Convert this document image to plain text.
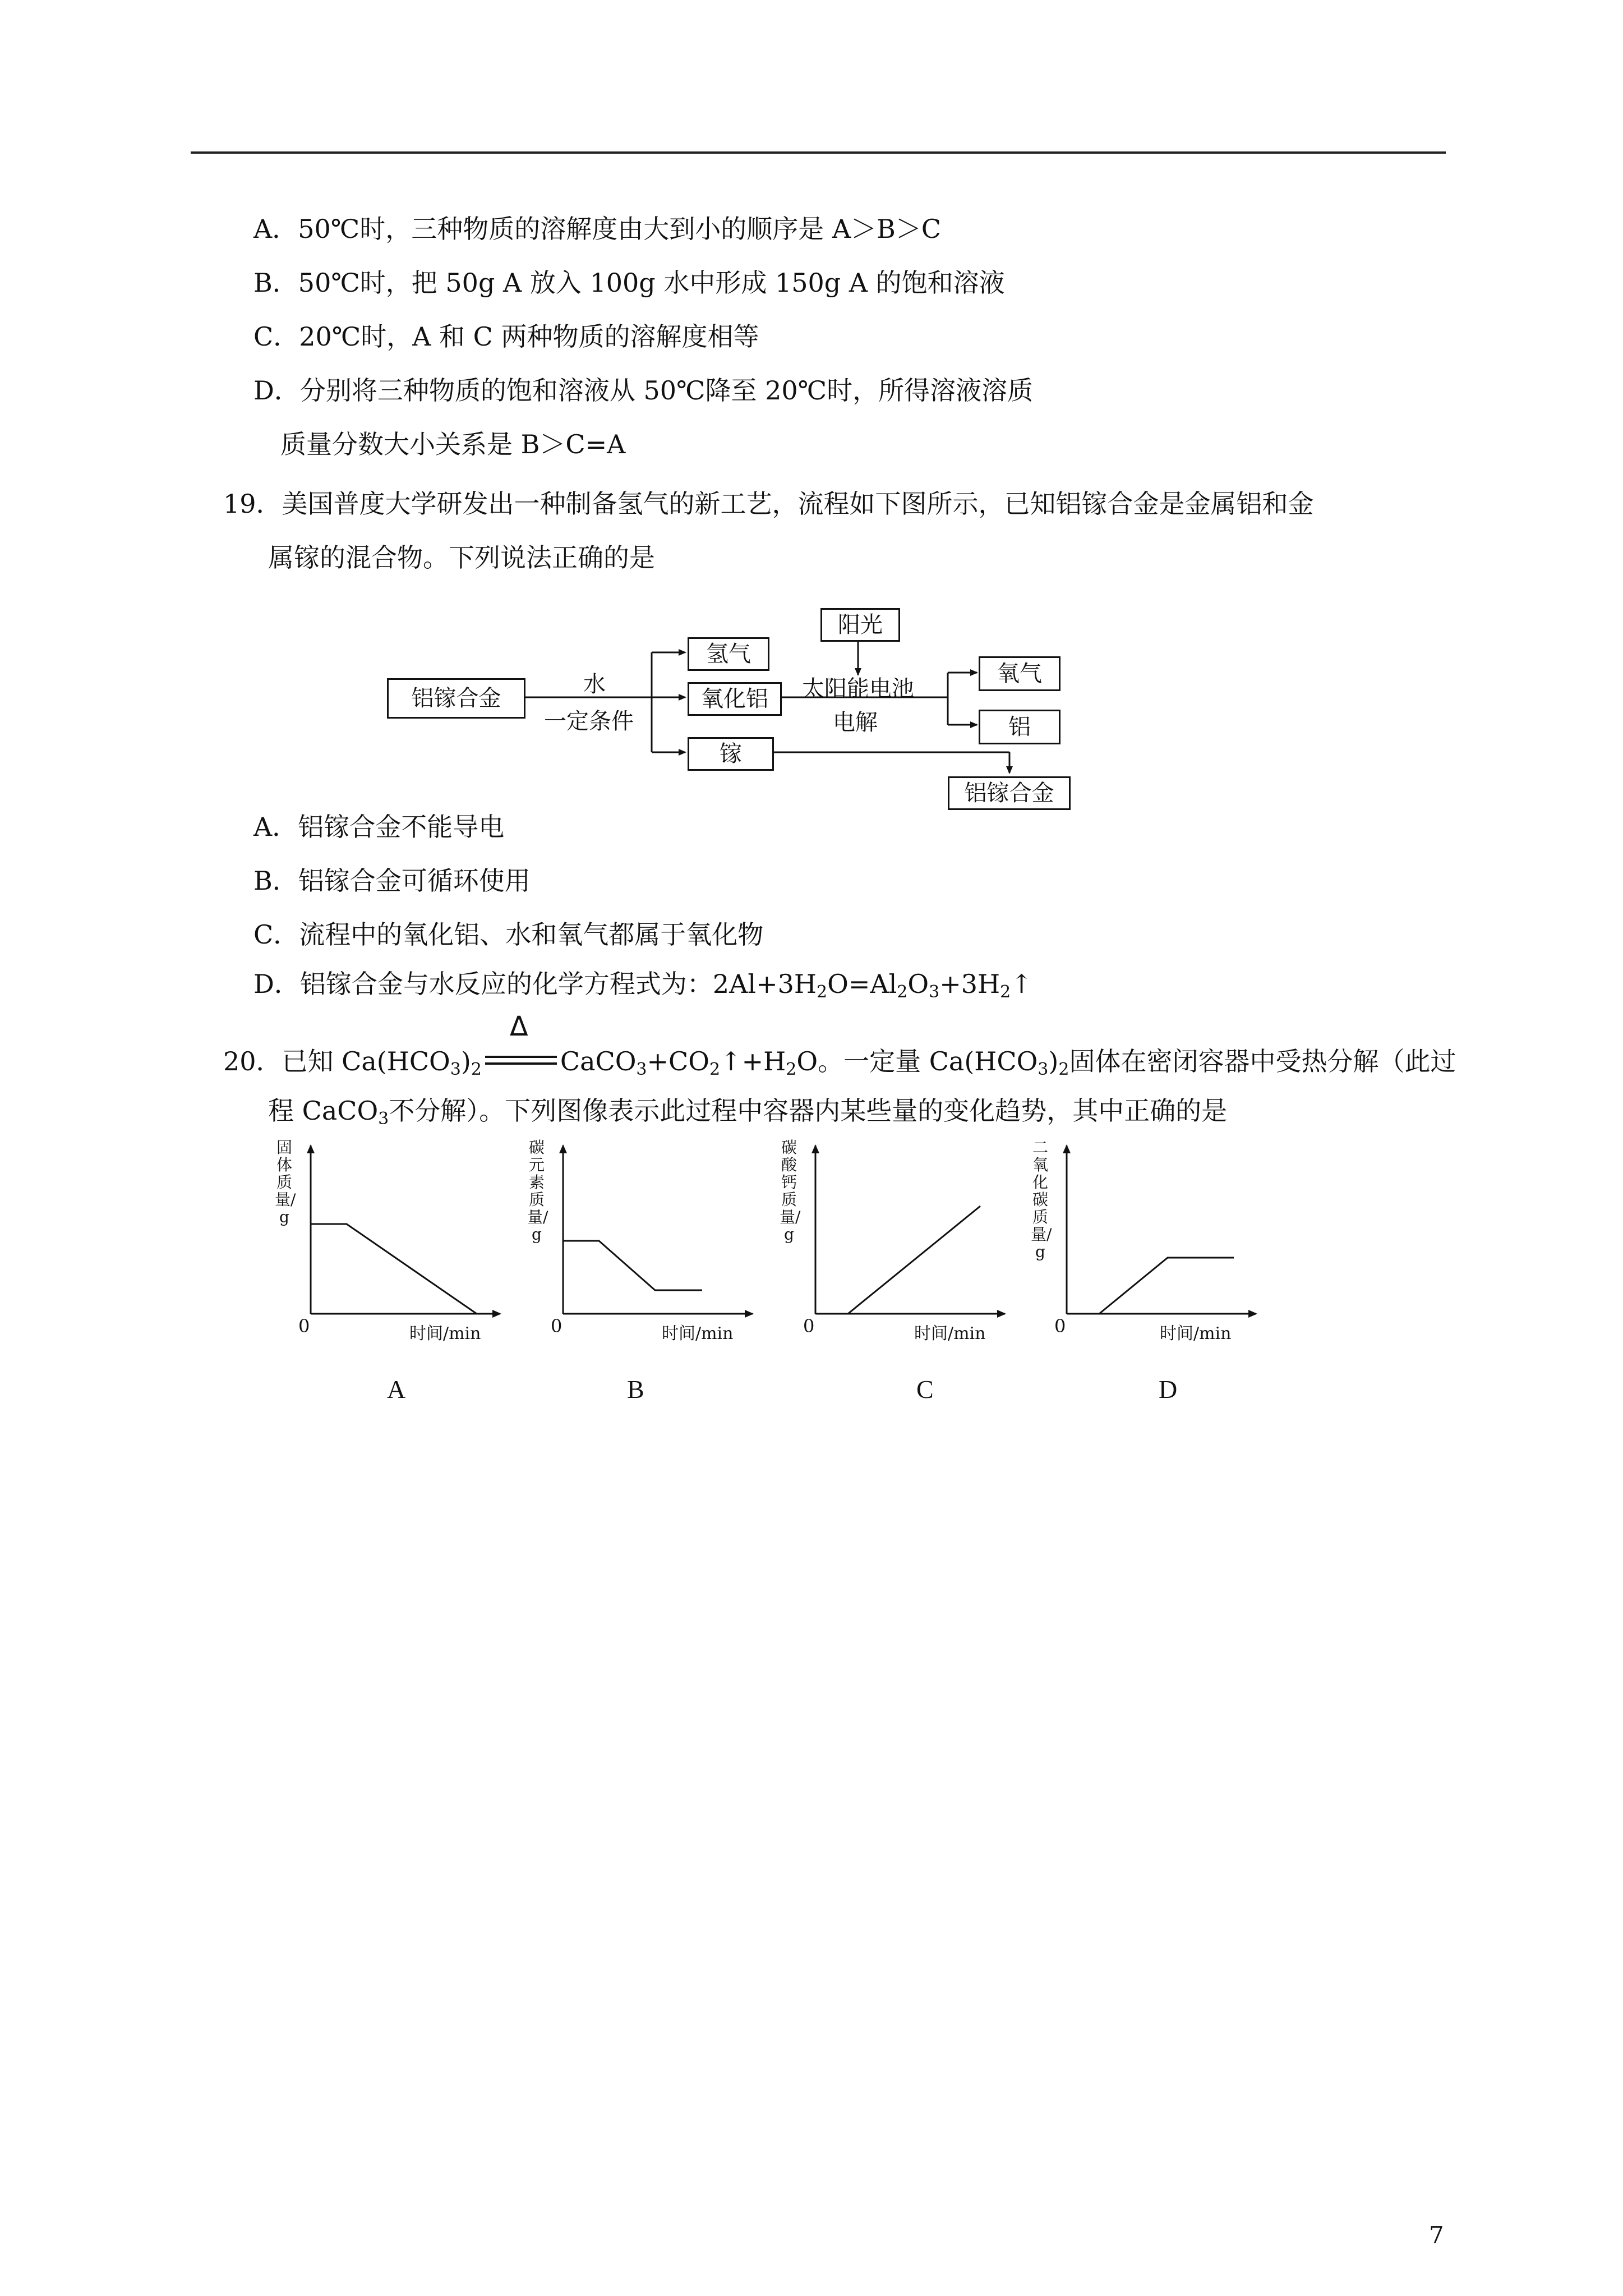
A．50℃时，三种物质的溶解度由大到小的顺序是 A＞B＞C
B．50℃时，把 50g A 放入 100g 水中形成 150g A 的饱和溶液
C．20℃时，A 和 C 两种物质的溶解度相等
D．分别将三种物质的饱和溶液从 50℃降至 20℃时，所得溶液溶质
质量分数大小关系是 B＞C=A
19．美国普度大学研发出一种制备氢气的新工艺，流程如下图所示，已知铝镓合金是金属铝和金
属镓的混合物。下列说法正确的是
铝镓合金
水
一定条件
氢气
氧化铝
镓
阳光
太阳能电池
电解
氧气
铝
铝镓合金
A．铝镓合金不能导电
B．铝镓合金可循环使用
C．流程中的氧化铝、水和氧气都属于氧化物
D．铝镓合金与水反应的化学方程式为：$2Al+3H_2O=Al_2O_3+3H_2↑$
20．已知 $Ca(HCO_3)_2$
Δ
$CaCO_3+CO_2↑+H_2O$。一定量 $Ca(HCO_3)_2$固体在密闭容器中受热分解（此过
程 CaCO$_3$不分解）。下列图像表示此过程中容器内某些量的变化趋势，其中正确的是
固体质量/g
0	时间/min
A
碳元素质量/g
0	时间/min
B
碳酸钙质量/g
0	时间/min
C
二氧化碳质量/g
0	时间/min
D
7
